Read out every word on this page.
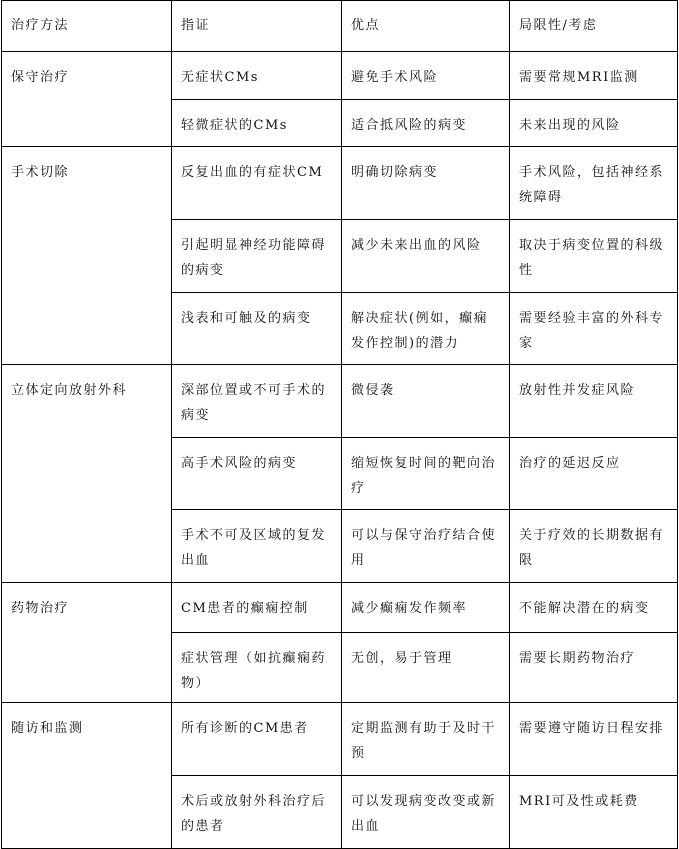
治疗方法	指证	优点	局限性/考虑
保守治疗	无症状CMs	避免手术风险	需要常规MRI监测
	轻微症状的CMs	适合抵风险的病变	未来出现的风险
手术切除	反复出血的有症状CM	明确切除病变	手术风险，包括神经系统障碍
	引起明显神经功能障碍的病变	减少未来出血的风险	取决于病变位置的科级性
	浅表和可触及的病变	解决症状(例如，癫痫发作控制)的潜力	需要经验丰富的外科专家
立体定向放射外科	深部位置或不可手术的病变	微侵袭	放射性并发症风险
	高手术风险的病变	缩短恢复时间的靶向治疗	治疗的延迟反应
	手术不可及区域的复发出血	可以与保守治疗结合使用	关于疗效的长期数据有限
药物治疗	CM患者的癫痫控制	减少癫痫发作频率	不能解决潜在的病变
	症状管理（如抗癫痫药物）	无创，易于管理	需要长期药物治疗
随访和监测	所有诊断的CM患者	定期监测有助于及时干预	需要遵守随访日程安排
	术后或放射外科治疗后的患者	可以发现病变改变或新出血	MRI可及性或耗费
